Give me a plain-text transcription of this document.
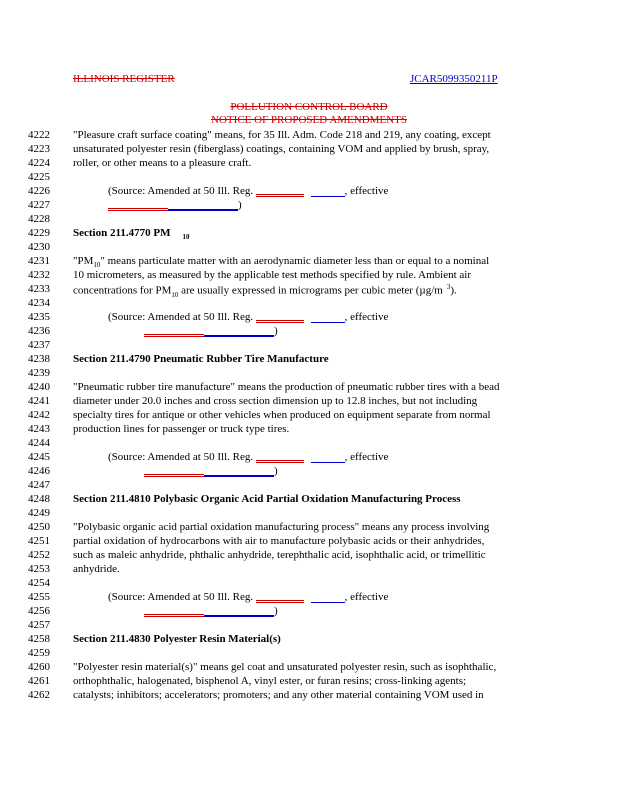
ILLINOIS REGISTER	JCAR5099350211P
POLLUTION CONTROL BOARD
NOTICE OF PROPOSED AMENDMENTS
4222
4223
4224
4225
4226
4227
4228
4229
4230
4231
4232
4233
4234
4235
4236
4237
4238
4239
4240
4241
4242
4243
4244
4245
4246
4247
4248
4249
4250
4251
4252
4253
4254
4255
4256
4257
4258
4259
4260
4261
4262
"Pleasure craft surface coating" means, for 35 Ill. Adm. Code 218 and 219, any coating, except
unsaturated polyester resin (fiberglass) coatings, containing VOM and applied by brush, spray,
roller, or other means to a pleasure craft.
(Source: Amended at 50 Ill. Reg.	, effective
)
Section 211.4770 PM $_{10}$
"$PM_{10}$" means particulate matter with an aerodynamic diameter less than or equal to a nominal
10 micrometers, as measured by the applicable test methods specified by rule. Ambient air
concentrations for $PM_{10}$ are usually expressed in micrograms per cubic meter (µg/m $^3$).
(Source: Amended at 50 Ill. Reg.	, effective
)
Section 211.4790 Pneumatic Rubber Tire Manufacture
"Pneumatic rubber tire manufacture" means the production of pneumatic rubber tires with a bead
diameter under 20.0 inches and cross section dimension up to 12.8 inches, but not including
specialty tires for antique or other vehicles when produced on equipment separate from normal
production lines for passenger or truck type tires.
(Source: Amended at 50 Ill. Reg.	, effective
)
Section 211.4810 Polybasic Organic Acid Partial Oxidation Manufacturing Process
"Polybasic organic acid partial oxidation manufacturing process" means any process involving
partial oxidation of hydrocarbons with air to manufacture polybasic acids or their anhydrides,
such as maleic anhydride, phthalic anhydride, terephthalic acid, isophthalic acid, or trimellitic
anhydride.
(Source: Amended at 50 Ill. Reg.	, effective
)
Section 211.4830 Polyester Resin Material(s)
"Polyester resin material(s)" means gel coat and unsaturated polyester resin, such as isophthalic,
orthophthalic, halogenated, bisphenol A, vinyl ester, or furan resins; cross-linking agents;
catalysts; inhibitors; accelerators; promoters; and any other material containing VOM used in
